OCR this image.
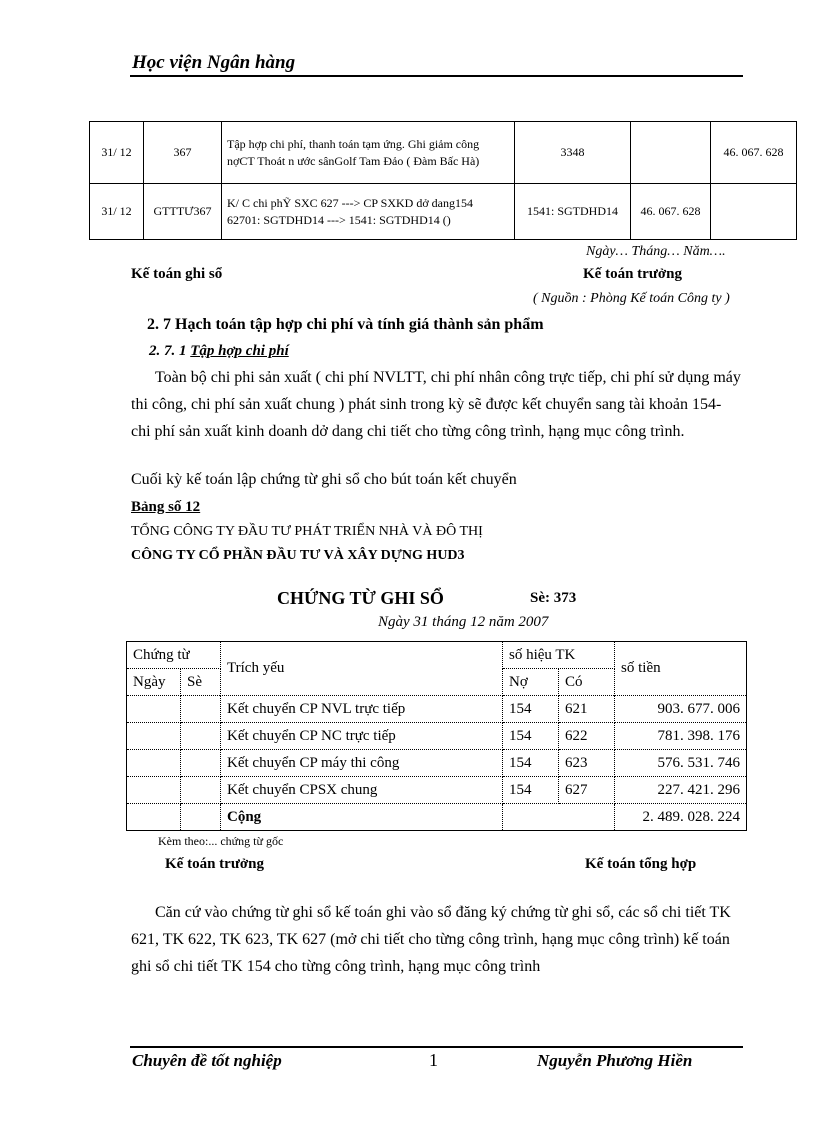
Học viện Ngân hàng
31/ 12	367	Tập hợp chi phí, thanh toán tạm ứng. Ghi giảm công nợCT Thoát n ước sânGolf Tam Đảo ( Đàm Bấc Hà)	3348		46. 067. 628
31/ 12	GTTTƯ367	K/ C chi phỸ SXC 627 ---> CP SXKD dở dang154 62701: SGTDHD14 ---> 1541: SGTDHD14 ()	1541: SGTDHD14	46. 067. 628	
Ngày… Tháng… Năm….
Kế toán ghi sổ	Kế toán trưởng
( Nguồn : Phòng Kế toán Công ty )
2. 7 Hạch toán tập hợp chi phí và tính giá thành sản phẩm
2. 7. 1 Tập hợp chi phí
Toàn bộ chi phi sản xuất ( chi phí NVLTT, chi phí nhân công trực tiếp, chi phí sử dụng máy thi công, chi phí sản xuất chung ) phát sinh trong kỳ sẽ được kết chuyển sang tài khoản 154- chi phí sản xuất kinh doanh dở dang chi tiết cho từng công trình, hạng mục công trình.
Cuối kỳ kế toán lập chứng từ ghi sổ cho bút toán kết chuyển
Bảng số 12
TỔNG CÔNG TY ĐẦU TƯ PHÁT TRIỂN NHÀ VÀ ĐÔ THỊ
CÔNG TY CỔ PHẦN ĐẦU TƯ VÀ XÂY DỰNG HUD3
CHỨNG TỪ GHI SỔ	Sè: 373
Ngày 31 tháng 12 năm 2007
Chứng từ		Trích yếu	số hiệu TK		số tiền
Ngày	Sè		Nợ	Có	
		Kết chuyển CP NVL trực tiếp	154	621	903. 677. 006
		Kết chuyển CP NC trực tiếp	154	622	781. 398. 176
		Kết chuyển CP máy thi công	154	623	576. 531. 746
		Kết chuyển CPSX chung	154	627	227. 421. 296
		Cộng			2. 489. 028. 224
Kèm theo:... chứng từ gốc
Kế toán trưởng	Kế toán tổng hợp
Căn cứ vào chứng từ ghi sổ kế toán ghi vào sổ đăng ký chứng từ ghi sổ, các sổ chi tiết TK 621, TK 622, TK 623, TK 627 (mở chi tiết cho từng công trình, hạng mục công trình) kế toán ghi sổ chi tiết TK 154 cho từng công trình, hạng mục công trình
Chuyên đề tốt nghiệp	1	Nguyễn Phương Hiền
